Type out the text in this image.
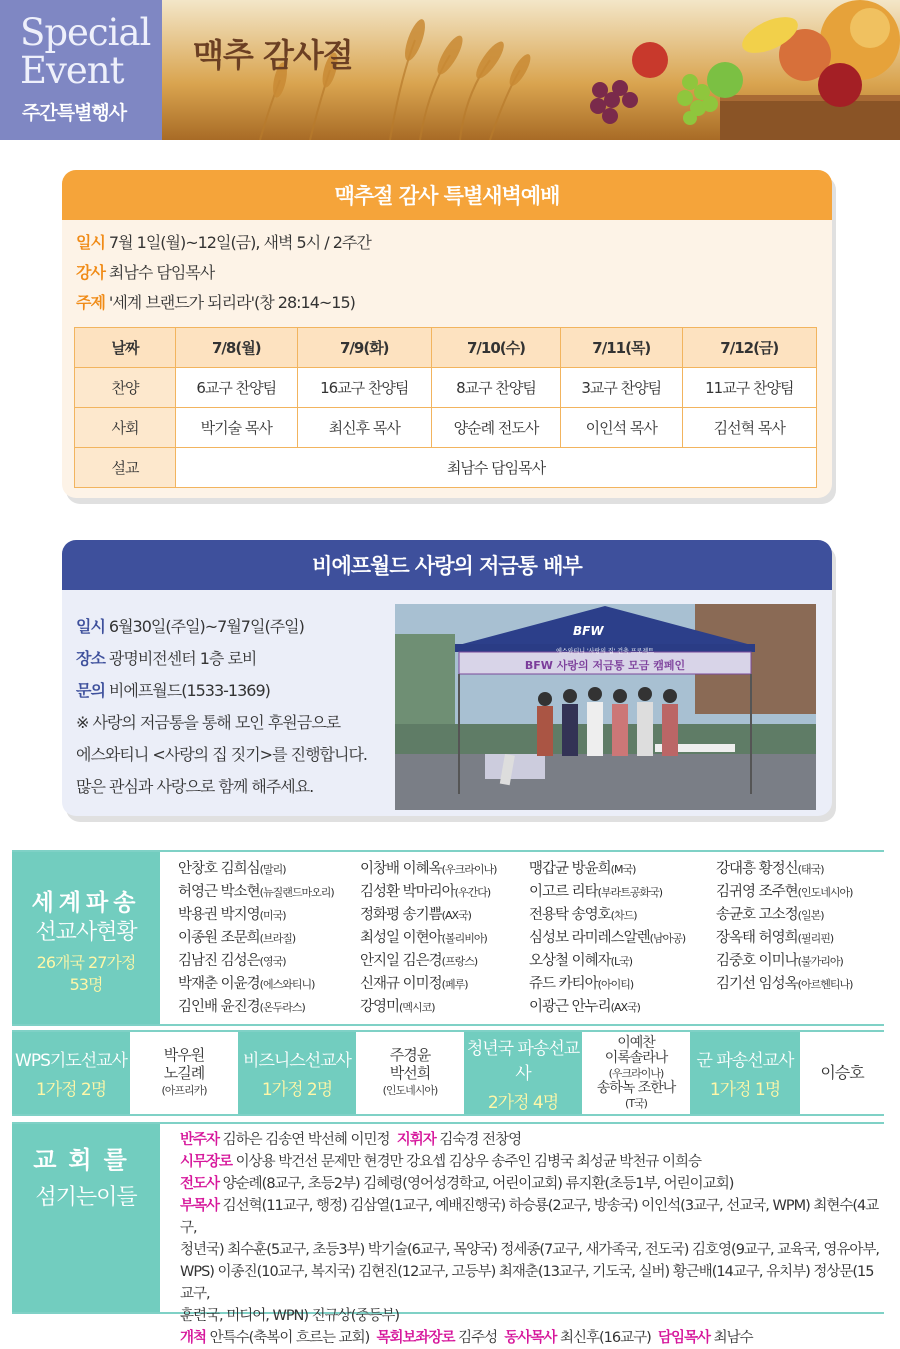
Special
Event
주간특별행사
맥추 감사절
맥추절 감사 특별새벽예배
일시 7월 1일(월)~12일(금), 새벽 5시 / 2주간
강사 최남수 담임목사
주제 '세계 브랜드가 되리라'(창 28:14~15)
날짜	7/8(월)	7/9(화)	7/10(수)	7/11(목)	7/12(금)
찬양	6교구 찬양팀	16교구 찬양팀	8교구 찬양팀	3교구 찬양팀	11교구 찬양팀
사회	박기술 목사	최신후 목사	양순례 전도사	이인석 목사	김선혁 목사
설교	최남수 담임목사				
비에프월드 사랑의 저금통 배부
일시 6월30일(주일)~7월7일(주일)
장소 광명비전센터 1층 로비
문의 비에프월드(1533-1369)
※ 사랑의 저금통을 통해 모인 후원금으로
에스와티니 <사랑의 집 짓기>를 진행합니다.
많은 관심과 사랑으로 함께 해주세요.
BFW
에스와티니 '사랑의 집' 건축 프로젝트
BFW 사랑의 저금통 모금 캠페인
세계파송
선교사현황
26개국 27가정
53명
안창호 김희심(말리)
허영근 박소현(뉴질랜드마오리)
박용권 박지영(미국)
이종원 조문희(브라질)
김남진 김성은(영국)
박재춘 이윤경(에스와티니)
김인배 윤진경(온두라스)
이창배 이혜옥(우크라이나)
김성환 박마리아(우간다)
정화평 송기쁨(AX국)
최성일 이현아(볼리비아)
안지일 김은경(프랑스)
신재규 이미정(페루)
강영미(멕시코)
맹갑균 방윤희(M국)
이고르 리타(부라트공화국)
전용탁 송영호(차드)
심성보 라미레스알렌(남아공)
오상철 이혜자(L국)
쥬드 카티아(아이티)
이광근 안누리(AX국)
강대흥 황정신(태국)
김귀영 조주현(인도네시아)
송균호 고소정(일본)
장옥태 허영희(필리핀)
김중호 이미나(불가리아)
김기선 임성옥(아르헨티나)
WPS기도선교사
1가정 2명
박우원
노길례
(아프리카)
비즈니스선교사
1가정 2명
주경윤
박선희
(인도네시아)
청년국 파송선교사
2가정 4명
이예찬
이록솔라나
(우크라이나)
송하녹 조한나
(T국)
군 파송선교사
1가정 1명
이승호
교회를
섬기는이들
반주자 김하은 김송연 박선혜 이민정 지휘자 김숙경 전창영
시무장로 이상용 박건선 문제만 현경만 강요셉 김상우 송주인 김병국 최성균 박천규 이희승
전도사 양순례(8교구, 초등2부) 김혜령(영어성경학교, 어린이교회) 류지환(초등1부, 어린이교회)
부목사 김선혁(11교구, 행정) 김삼열(1교구, 예배진행국) 하승룡(2교구, 방송국) 이인석(3교구, 선교국, WPM) 최현수(4교구,
청년국) 최수훈(5교구, 초등3부) 박기술(6교구, 목양국) 정세종(7교구, 새가족국, 전도국) 김호영(9교구, 교육국, 영유아부,
WPS) 이종진(10교구, 복지국) 김현진(12교구, 고등부) 최재춘(13교구, 기도국, 실버) 황근배(14교구, 유치부) 정상문(15교구,
훈련국, 미디어, WPN) 진규상(중등부)
개척 안특수(축복이 흐르는 교회) 목회보좌장로 김주성 동사목사 최신후(16교구) 담임목사 최남수
